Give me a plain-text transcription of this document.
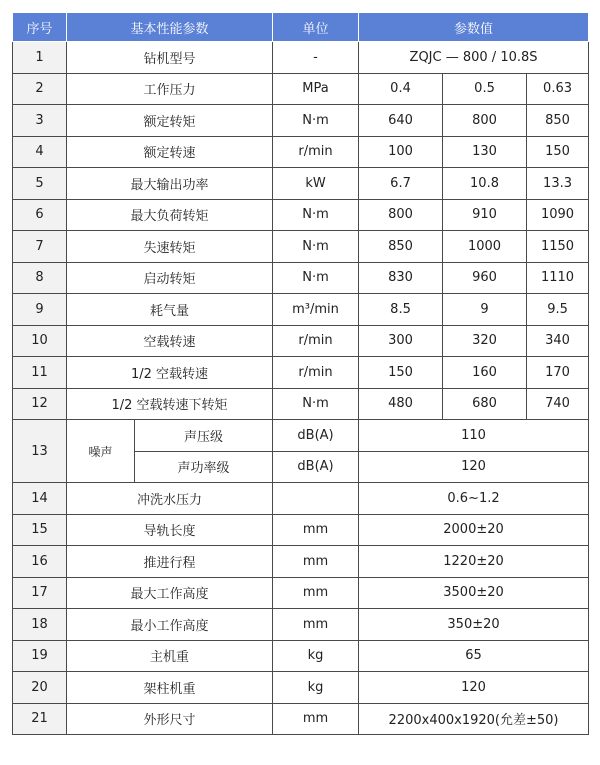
序号	基本性能参数		单位	参数值		
1	钻机型号		-	ZQJC — 800 / 10.8S		
2	工作压力		MPa	0.4	0.5	0.63
3	额定转矩		N·m	640	800	850
4	额定转速		r/min	100	130	150
5	最大输出功率		kW	6.7	10.8	13.3
6	最大负荷转矩		N·m	800	910	1090
7	失速转矩		N·m	850	1000	1150
8	启动转矩		N·m	830	960	1110
9	耗气量		m³/min	8.5	9	9.5
10	空载转速		r/min	300	320	340
11	1/2 空载转速		r/min	150	160	170
12	1/2 空载转速下转矩		N·m	480	680	740
13	噪声	声压级	dB(A)	110		
		声功率级	dB(A)	120		
14	冲洗水压力			0.6~1.2		
15	导轨长度		mm	2000±20		
16	推进行程		mm	1220±20		
17	最大工作高度		mm	3500±20		
18	最小工作高度		mm	350±20		
19	主机重		kg	65		
20	架柱机重		kg	120		
21	外形尺寸		mm	2200x400x1920(允差±50)		
